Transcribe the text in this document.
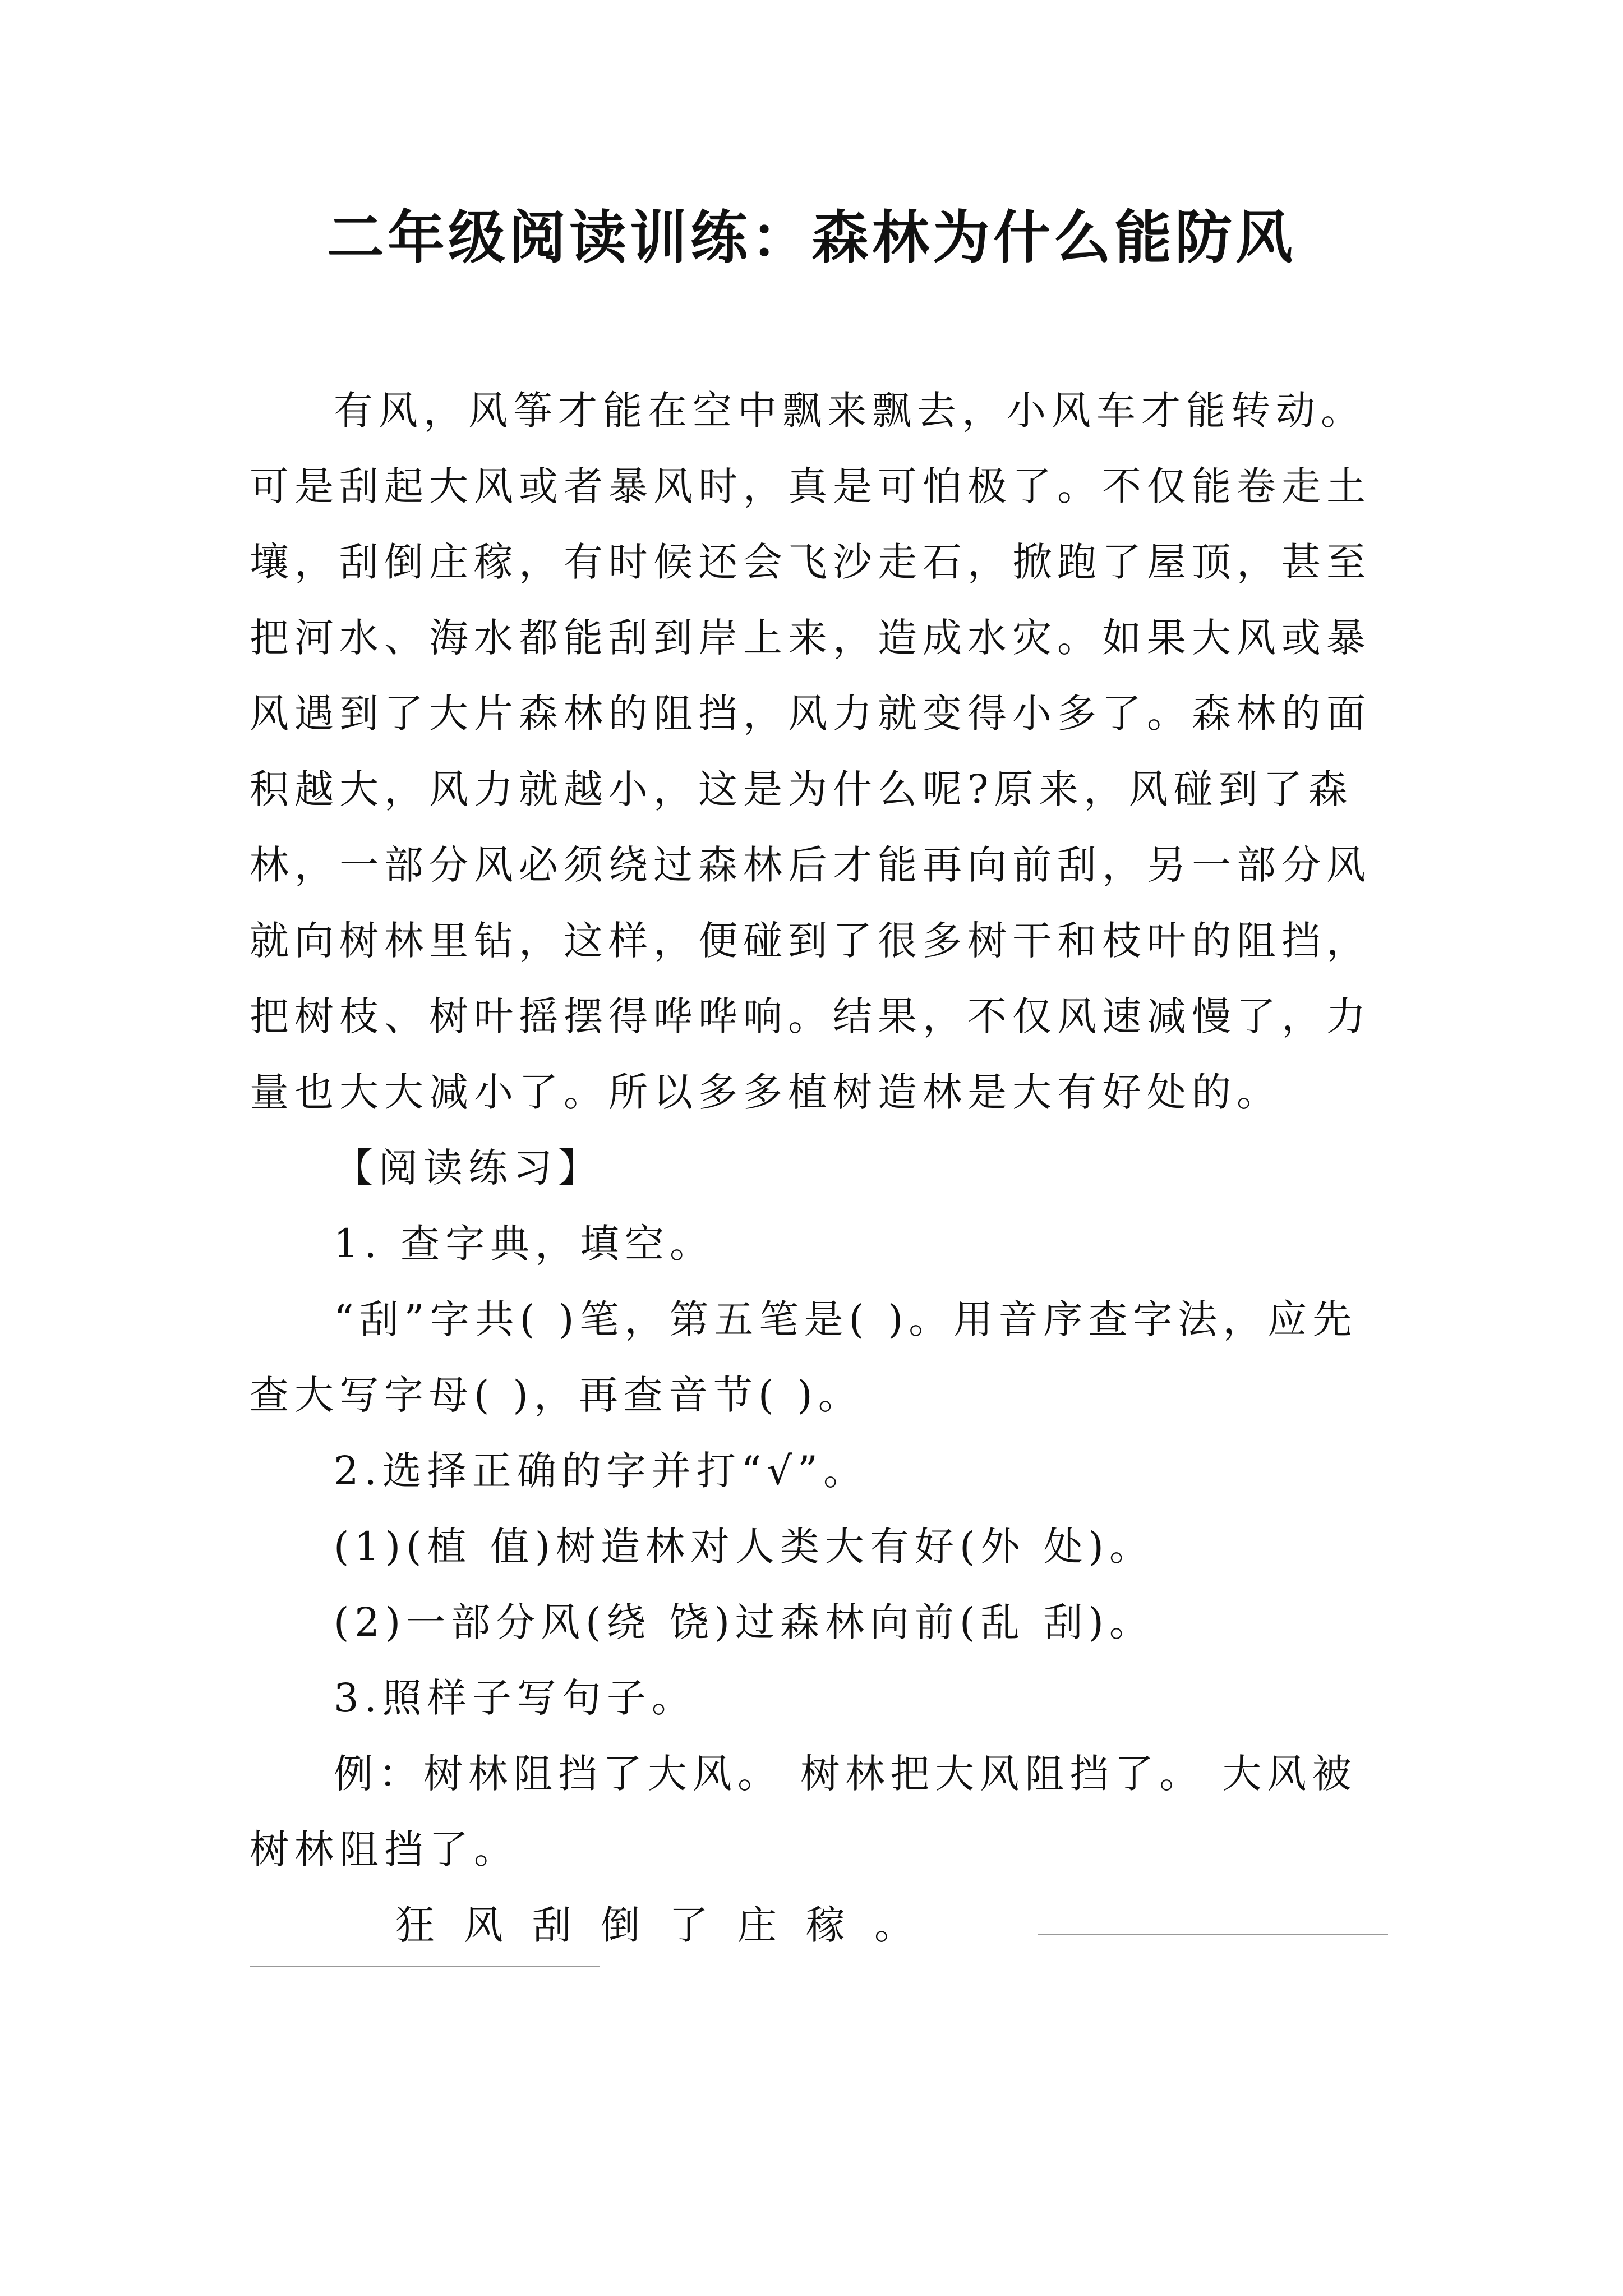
二年级阅读训练：森林为什么能防风

有风，风筝才能在空中飘来飘去，小风车才能转动。可是刮起大风或者暴风时，真是可怕极了。不仅能卷走土壤，刮倒庄稼，有时候还会飞沙走石，掀跑了屋顶，甚至把河水、海水都能刮到岸上来，造成水灾。如果大风或暴风遇到了大片森林的阻挡，风力就变得小多了。森林的面积越大，风力就越小，这是为什么呢?原来，风碰到了森林，一部分风必须绕过森林后才能再向前刮，另一部分风就向树林里钻，这样，便碰到了很多树干和枝叶的阻挡，把树枝、树叶摇摆得哗哗响。结果，不仅风速减慢了，力量也大大减小了。所以多多植树造林是大有好处的。

【阅读练习】

1. 查字典，填空。

“刮”字共( )笔，第五笔是( )。用音序查字法，应先查大写字母( )，再查音节( )。

2.选择正确的字并打“√”。

(1)(植 值)树造林对人类大有好(外 处)。

(2)一部分风(绕 饶)过森林向前(乱 刮)。

3.照样子写句子。

例：树林阻挡了大风。 树林把大风阻挡了。 大风被树林阻挡了。

狂风刮倒了庄稼。
